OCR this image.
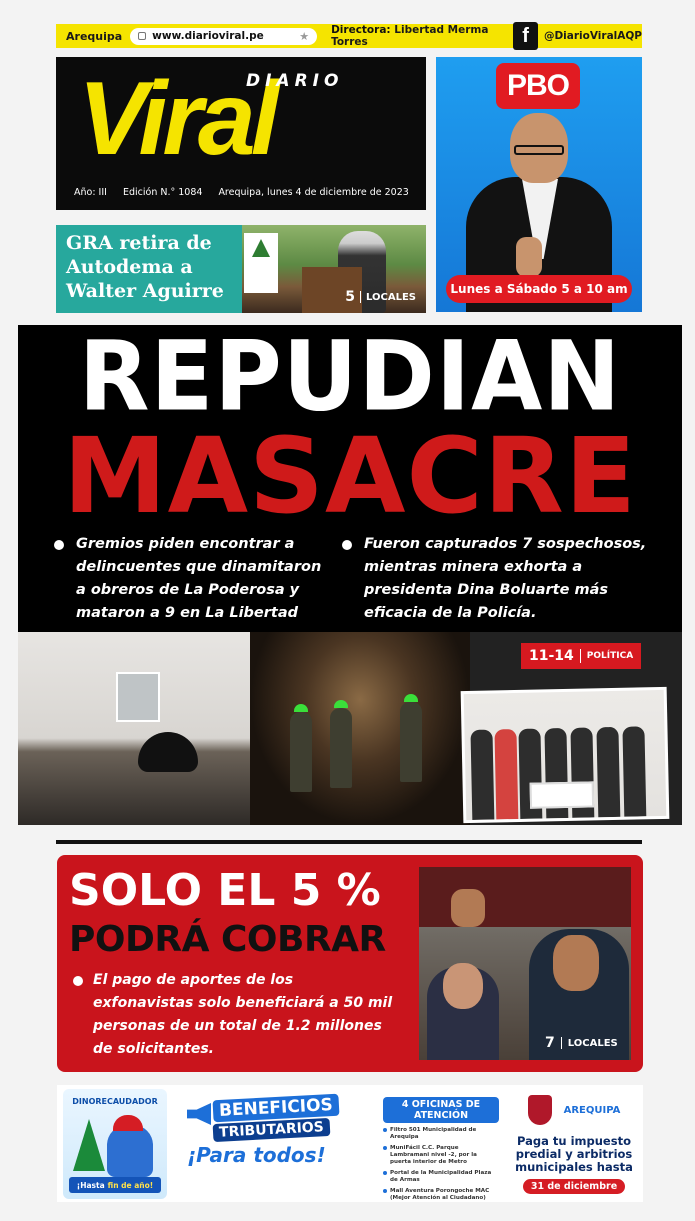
Arequipa	www.diarioviral.pe	★ Directora: Libertad Merma Torres	f	@DiarioViralAQP
Viral
DIARIO
Año: III Edición N.° 1084 Arequipa, lunes 4 de diciembre de 2023
GRA retira de Autodema a Walter Aguirre	5 LOCALES
PBO
Lunes a Sábado 5 a 10 am
REPUDIAN
MASACRE
Gremios piden encontrar a delincuentes que dinamitaron a obreros de La Poderosa y mataron a 9 en La Libertad
Fueron capturados 7 sospechosos, mientras minera exhorta a presidenta Dina Boluarte más eficacia de la Policía.
11-14 POLÍTICA
SOLO EL 5 %
PODRÁ COBRAR
El pago de aportes de los exfonavistas solo beneficiará a 50 mil personas de un total de 1.2 millones de solicitantes.	7 LOCALES
DINORECAUDADOR
¡Hasta fin de año!
BENEFICIOS
TRIBUTARIOS
¡Para todos!
4 OFICINAS DE ATENCIÓN
Filtro 501 Municipalidad de Arequipa
MuniFácil C.C. Parque Lambramani nivel -2, por la puerta interior de Metro
Portal de la Municipalidad Plaza de Armas
Mall Aventura Porongoche MAC (Mejor Atención al Ciudadano)
AREQUIPA
Paga tu impuesto predial y arbitrios municipales hasta
31 de diciembre
